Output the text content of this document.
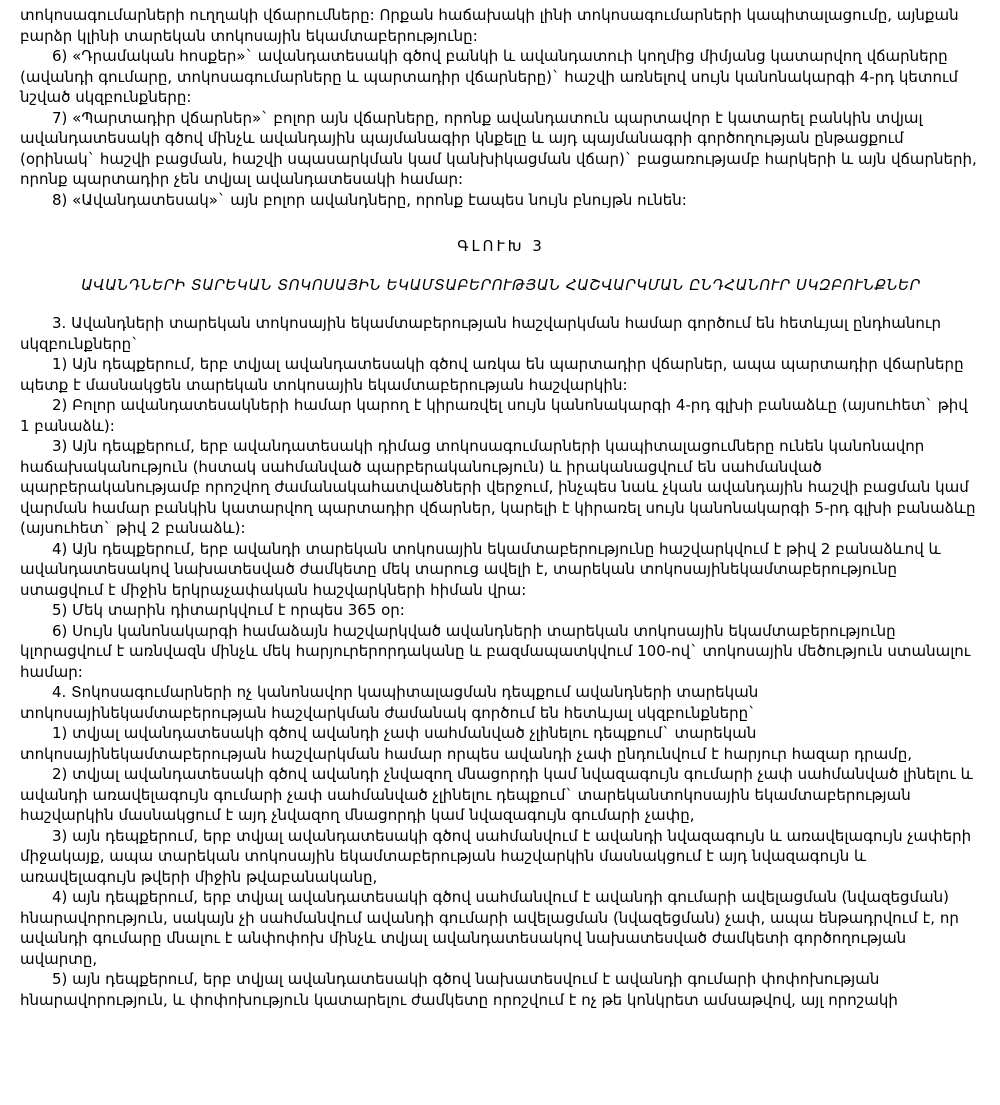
տոկոսագումարների ուղղակի վճարումները: Որքան հաճախակի լինի տոկոսագումարների կապիտալացումը, այնքան բարձր կլինի տարեկան տոկոսային եկամտաբերությունը:

6) «Դրամական հոսքեր»` ավանդատեսակի գծով բանկի և ավանդատուի կողմից միմյանց կատարվող վճարները (ավանդի գումարը, տոկոսագումարները և պարտադիր վճարները)` հաշվի առնելով սույն կանոնակարգի 4-րդ կետում նշված սկզբունքները:

7) «Պարտադիր վճարներ»` բոլոր այն վճարները, որոնք ավանդատուն պարտավոր է կատարել բանկին տվյալ ավանդատեսակի գծով մինչև ավանդային պայմանագիր կնքելը և այդ պայմանագրի գործողության ընթացքում (օրինակ` հաշվի բացման, հաշվի սպասարկման կամ կանխիկացման վճար)` բացառությամբ հարկերի և այն վճարների, որոնք պարտադիր չեն տվյալ ավանդատեսակի համար:

8) «Ավանդատեսակ»` այն բոլոր ավանդները, որոնք էապես նույն բնույթն ունեն:

ԳԼՈՒԽ 3
ԱՎԱՆԴՆԵՐԻ ՏԱՐԵԿԱՆ ՏՈԿՈՍԱՅԻՆ ԵԿԱՄՏԱԲԵՐՈՒԹՅԱՆ ՀԱՇՎԱՐԿՄԱՆ ԸՆԴՀԱՆՈՒՐ ՍԿԶԲՈՒՆՔՆԵՐ

3. Ավանդների տարեկան տոկոսային եկամտաբերության հաշվարկման համար գործում են հետևյալ ընդհանուր սկզբունքները`

1) Այն դեպքերում, երբ տվյալ ավանդատեսակի գծով առկա են պարտադիր վճարներ, ապա պարտադիր վճարները պետք է մասնակցեն տարեկան տոկոսային եկամտաբերության հաշվարկին:

2) Բոլոր ավանդատեսակների համար կարող է կիրառվել սույն կանոնակարգի 4-րդ գլխի բանաձևը (այսուհետ` թիվ 1 բանաձև):

3) Այն դեպքերում, երբ ավանդատեսակի դիմաց տոկոսագումարների կապիտալացումները ունեն կանոնավոր հաճախականություն (հստակ սահմանված պարբերականություն) և իրականացվում են սահմանված պարբերականությամբ որոշվող ժամանակահատվածների վերջում, ինչպես նաև չկան ավանդային հաշվի բացման կամ վարման համար բանկին կատարվող պարտադիր վճարներ, կարելի է կիրառել սույն կանոնակարգի 5-րդ գլխի բանաձևը (այսուհետ` թիվ 2 բանաձև):

4) Այն դեպքերում, երբ ավանդի տարեկան տոկոսային եկամտաբերությունը հաշվարկվում է թիվ 2 բանաձևով և ավանդատեսակով նախատեսված ժամկետը մեկ տարուց ավելի է, տարեկան տոկոսայինեկամտաբերությունը ստացվում է միջին երկրաչափական հաշվարկների հիման վրա:

5) Մեկ տարին դիտարկվում է որպես 365 օր:

6) Սույն կանոնակարգի համաձայն հաշվարկված ավանդների տարեկան տոկոսային եկամտաբերությունը կլորացվում է առնվազն մինչև մեկ հարյուրերորդականը և բազմապատկվում 100-ով` տոկոսային մեծություն ստանալու համար:

4. Տոկոսագումարների ոչ կանոնավոր կապիտալացման դեպքում ավանդների տարեկան տոկոսայինեկամտաբերության հաշվարկման ժամանակ գործում են հետևյալ սկզբունքները`

1) տվյալ ավանդատեսակի գծով ավանդի չափ սահմանված չլինելու դեպքում` տարեկան տոկոսայինեկամտաբերության հաշվարկման համար որպես ավանդի չափ ընդունվում է հարյուր հազար դրամը,

2) տվյալ ավանդատեսակի գծով ավանդի չնվազող մնացորդի կամ նվազագույն գումարի չափ սահմանված լինելու և ավանդի առավելագույն գումարի չափ սահմանված չլինելու դեպքում` տարեկանտոկոսային եկամտաբերության հաշվարկին մասնակցում է այդ չնվազող մնացորդի կամ նվազագույն գումարի չափը,

3) այն դեպքերում, երբ տվյալ ավանդատեսակի գծով սահմանվում է ավանդի նվազագույն և առավելագույն չափերի միջակայք, ապա տարեկան տոկոսային եկամտաբերության հաշվարկին մասնակցում է այդ նվազագույն և առավելագույն թվերի միջին թվաբանականը,

4) այն դեպքերում, երբ տվյալ ավանդատեսակի գծով սահմանվում է ավանդի գումարի ավելացման (նվազեցման) հնարավորություն, սակայն չի սահմանվում ավանդի գումարի ավելացման (նվազեցման) չափ, ապա ենթադրվում է, որ ավանդի գումարը մնալու է անփոփոխ մինչև տվյալ ավանդատեսակով նախատեսված ժամկետի գործողության ավարտը,

5) այն դեպքերում, երբ տվյալ ավանդատեսակի գծով նախատեսվում է ավանդի գումարի փոփոխության հնարավորություն, և փոփոխություն կատարելու ժամկետը որոշվում է ոչ թե կոնկրետ ամսաթվով, այլ որոշակի
